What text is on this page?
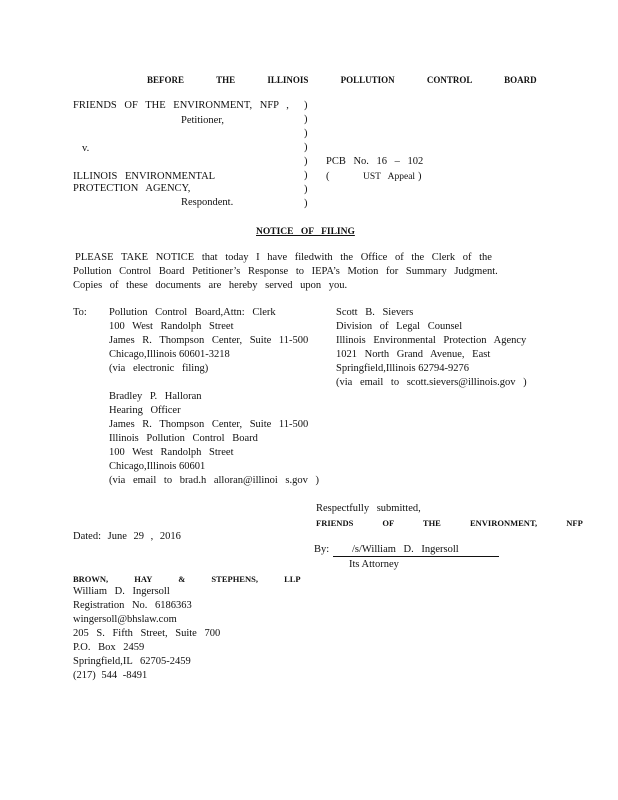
BEFORE THE ILLINOIS POLLUTION CONTROL BOARD
FRIENDS OF THE ENVIRONMENT, NFP ,
Petitioner,
v.
ILLINOIS ENVIRONMENTAL
PROTECTION AGENCY,
Respondent.
)
)
)
)
)
)
)
)
PCB No. 16 – 102
(	UST Appeal )
NOTICE OF FILING
PLEASE TAKE NOTICE that today I have filedwith the Office of the Clerk of the
Pollution Control Board Petitioner’s Response to IEPA’s Motion for Summary Judgment.
Copies of these documents are hereby served upon you.
To: Pollution Control Board,Attn: Clerk
100 West Randolph Street
James R. Thompson Center, Suite 11-500
Chicago,Illinois 60601-3218
(via electronic filing)
Scott B. Sievers
Division of Legal Counsel
Illinois Environmental Protection Agency
1021 North Grand Avenue, East
Springfield,Illinois 62794-9276
(via email to scott.sievers@illinois.gov )
Bradley P. Halloran
Hearing Officer
James R. Thompson Center, Suite 11-500
Illinois Pollution Control Board
100 West Randolph Street
Chicago,Illinois 60601
(via email to brad.h alloran@illinoi s.gov )
Respectfully submitted,
FRIENDS OF THE ENVIRONMENT, NFP
Dated: June 29 , 2016
By: /s/William D. Ingersoll
Its Attorney
BROWN, HAY & STEPHENS, LLP
William D. Ingersoll
Registration No. 6186363
wingersoll@bhslaw.com
205 S. Fifth Street, Suite 700
P.O. Box 2459
Springfield,IL 62705-2459
(217) 544 -8491
